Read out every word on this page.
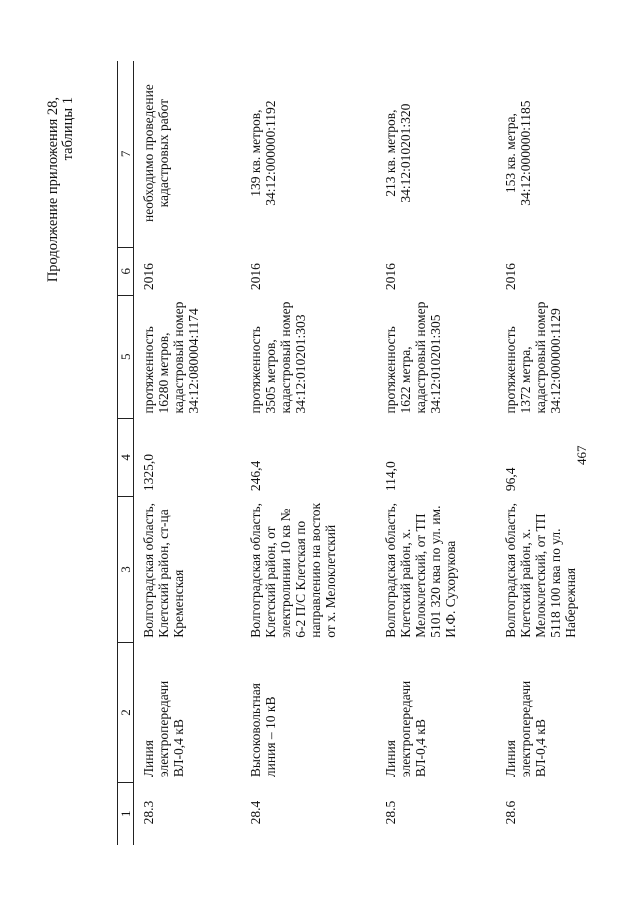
467
Продолжение приложения 28, таблицы 1
1	2	3	4	5	6	7
28.3	Линия электропередачи ВЛ-0,4 кВ	Волгоградская область, Клетский район, ст-ца Кременская	1325,0	протяженность 16280 метров, кадастровый номер 34:12:080004:1174	2016	необходимо проведение кадастровых работ
28.4	Высоковольтная линия – 10 кВ	Волгоградская область, Клетский район, от электролинии 10 кв № 6-2 П/С Клетская по направлению на восток от х. Мелоклетский	246,4	протяженность 3505 метров, кадастровый номер 34:12:010201:303	2016	139 кв. метров, 34:12:000000:1192
28.5	Линия электропередачи ВЛ-0,4 кВ	Волгоградская область, Клетский район, х. Мелоклетский, от ТП 5101 320 ква по ул. им. И.Ф. Сухорукова	114,0	протяженность 1622 метра, кадастровый номер 34:12:010201:305	2016	213 кв. метров, 34:12:010201:320
28.6	Линия электропередачи ВЛ-0,4 кВ	Волгоградская область, Клетский район, х. Мелоклетский, от ТП 5118 100 ква по ул. Набережная	96,4	протяженность 1372 метра, кадастровый номер 34:12:000000:1129	2016	153 кв. метра, 34:12:000000:1185
